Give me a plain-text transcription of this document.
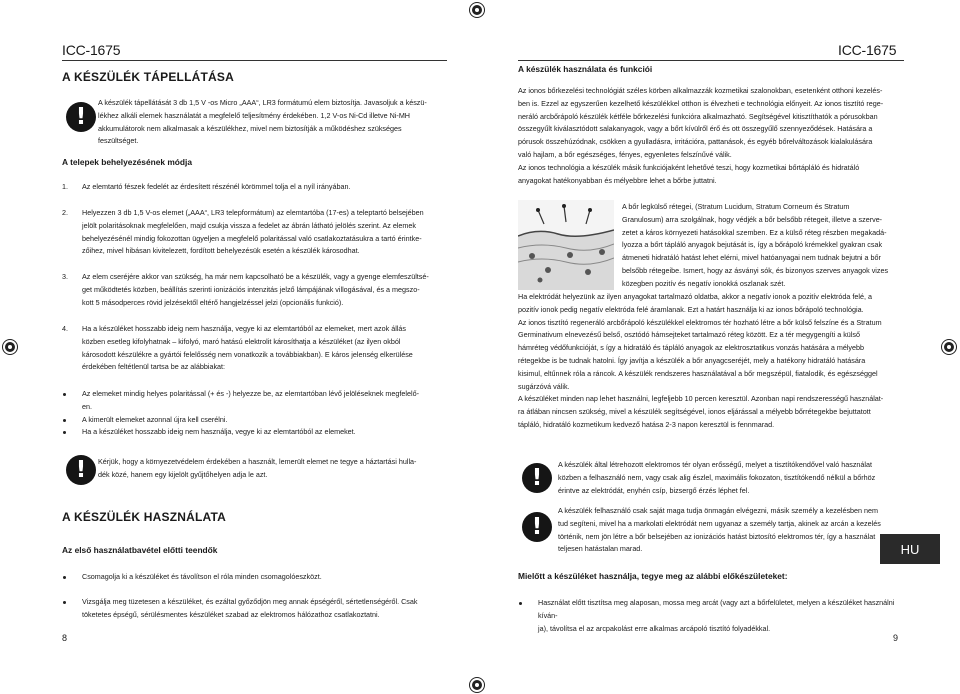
ICC-1675
A KÉSZÜLÉK TÁPELLÁTÁSA
!

A készülék tápellátását 3 db 1,5 V -os Micro „AAA“, LR3 formátumú elem biztosítja. Javasoljuk a készü-

lékhez alkáli elemek használatát a megfelelő teljesítmény érdekében. 1,2 V-os Ni-Cd illetve Ni-MH

akkumulátorok nem alkalmasak a készülékhez, mivel nem biztosítják a működéshez szükséges

feszültséget.

A telepek behelyezésének módja
1. Az elemtartó fészek fedelét az érdesített részénél körömmel tolja el a nyíl irányában.

2. Helyezzen 3 db 1,5 V-os elemet („AAA“, LR3 telepformátum) az elemtartóba (17-es) a teleptartó belsejében

jelölt polaritásoknak megfelelően, majd csukja vissza a fedelet az ábrán látható jelölés szerint. Az elemek

behelyezésénél mindig fokozottan ügyeljen a megfelelő polaritással való csatlakoztatásukra a tartó érintke-

zőihez, mivel hibásan kivitelezett, fordított behelyezésük esetén a készülék károsodhat.

3. Az elem cseréjére akkor van szükség, ha már nem kapcsolható be a készülék, vagy a gyenge elemfeszültsé-

get működtetés közben, beállítás szerinti ionizációs intenzitás jelző lámpájának villogásával, és a megszo-

kott 5 másodperces rövid jelzésektől eltérő hangjelzéssel jelzi (opcionális funkció).

4. Ha a készüléket hosszabb ideig nem használja, vegye ki az elemtartóból az elemeket, mert azok állás

közben esetleg kifolyhatnak – kifolyó, maró hatású elektrolit károsíthatja a készüléket (az ilyen okból

károsodott készülékre a gyártói felelősség nem vonatkozik a továbbiakban). E káros jelenség elkerülése

érdekében feltétlenül tartsa be az alábbiakat:

Az elemeket mindig helyes polaritással (+ és -) helyezze be, az elemtartóban lévő jelöléseknek megfelelő-

en.

A kimerült elemeket azonnal újra kell cserélni.

Ha a készüléket hosszabb ideig nem használja, vegye ki az elemtartóból az elemeket.

! Kérjük, hogy a környezetvédelem érdekében a használt, lemerült elemet ne tegye a háztartási hulla-

dék közé, hanem egy kijelölt gyűjtőhelyen adja le azt.

A KÉSZÜLÉK HASZNÁLATA
Az első használatbavétel előtti teendők

Csomagolja ki a készüléket és távolítson el róla minden csomagolóeszközt.

Vizsgálja meg tüzetesen a készüléket, és ezáltal győződjön meg annak épségéről, sértetlenségéről. Csak

töketetes épségű, sérülésmentes készüléket szabad az elektromos hálózathoz csatlakoztatni.

8
ICC-1675
A készülék használata és funkciói

Az ionos bőrkezelési technológiát széles körben alkalmazzák kozmetikai szalonokban, esetenként otthoni kezelés-

ben is. Ezzel az egyszerűen kezelhető készülékkel otthon is élvezheti e technológia előnyeit. Az ionos tisztító rege-

neráló arcbőrápoló készülék kétféle bőrkezelési funkcióra alkalmazható. Segítségével kitisztíthatók a pórusokban

összegyűlt kiválasztódott salakanyagok, vagy a bőrt kívülről érő és ott összegyűlő szennyeződések. Hatására a

pórusok összehúzódnak, csökken a gyulladásra, irritációra, pattanások, és egyéb bőrelváltozások kialakulására

való hajlam, a bőr egészséges, fényes, egyenletes felszínűvé válik.

Az ionos technológia a készülék másik funkciójaként lehetővé teszi, hogy kozmetikai bőrtápláló és hidratáló

anyagokat hatékonyabban és mélyebbre lehet a bőrbe juttatni.

A bőr legkülső rétegei, (Stratum Lucidum, Stratum Corneum és Stratum

Granulosum) arra szolgálnak, hogy védjék a bőr belsőbb rétegeit, illetve a szerve-

zetet a káros környezeti hatásokkal szemben. Ez a külső réteg részben megakadá-

lyozza a bőrt tápláló anyagok bejutását is, így a bőrápoló krémekkel gyakran csak

átmeneti hidratáló hatást lehet elérni, mivel hatóanyagai nem tudnak bejutni a bőr

belsőbb rétegeibe. Ismert, hogy az ásványi sók, és bizonyos szerves anyagok vizes

közegben pozitív és negatív ionokká oszlanak szét.

Ha elektródát helyezünk az ilyen anyagokat tartalmazó oldatba, akkor a negatív ionok a pozitív elektróda felé, a

pozitív ionok pedig negatív elektróda felé áramlanak. Ezt a határt használja ki az ionos bőrápoló technológia.

Az ionos tisztító regeneráló arcbőrápoló készülékkel elektromos tér hozható létre a bőr külső felszíne és a Stratum

Germinativum elnevezésű belső, osztódó hámsejteket tartalmazó réteg között. Ez a tér megygengíti a külső

hámréteg védőfunkcióját, s így a hidratáló és tápláló anyagok az elektrosztatikus vonzás hatására a mélyebb

rétegekbe is be tudnak hatolni. Így javítja a készülék a bőr anyagcseréjét, mely a hatékony hidratáló hatására

kisimul, eltűnnek róla a ráncok. A készülék rendszeres használatával a bőr megszépül, fiatalodik, és egészséggel

sugárzóvá válik.

A készüléket minden nap lehet használni, legfeljebb 10 percen keresztül. Azonban napi rendszerességű használat-

ra átlában nincsen szükség, mivel a készülék segítségével, ionos eljárással a mélyebb bőrrétegekbe bejuttatott

tápláló, hidratáló kozmetikum kedvező hatása 2-3 napon keresztül is fennmarad.

! A készülék által létrehozott elektromos tér olyan erősségű, melyet a tisztítókendővel való használat

közben a felhasználó nem, vagy csak alig észlel, maximális fokozaton, tisztítókendő nélkül a bőrhöz

érintve az elektródát, enyhén csíp, bizsergő érzés léphet fel.

!

A készülék felhasználó csak saját maga tudja önmagán elvégezni, másik személy a kezelésben nem

tud segíteni, mivel ha a markolati elektródát nem ugyanaz a személy tartja, akinek az arcán a kezelés

történik, nem jön létre a bőr belsejében az ionizációs hatást biztosító elektromos tér, így a használat

teljesen hatástalan marad.	HU
Mielőtt a készüléket használja, tegye meg az alábbi előkészületeket:

Használat előtt tisztítsa meg alaposan, mossa meg arcát (vagy azt a bőrfelületet, melyen a készüléket használni kíván-

ja), távolítsa el az arcpakolást erre alkalmas arcápoló tisztító folyadékkal.

9
